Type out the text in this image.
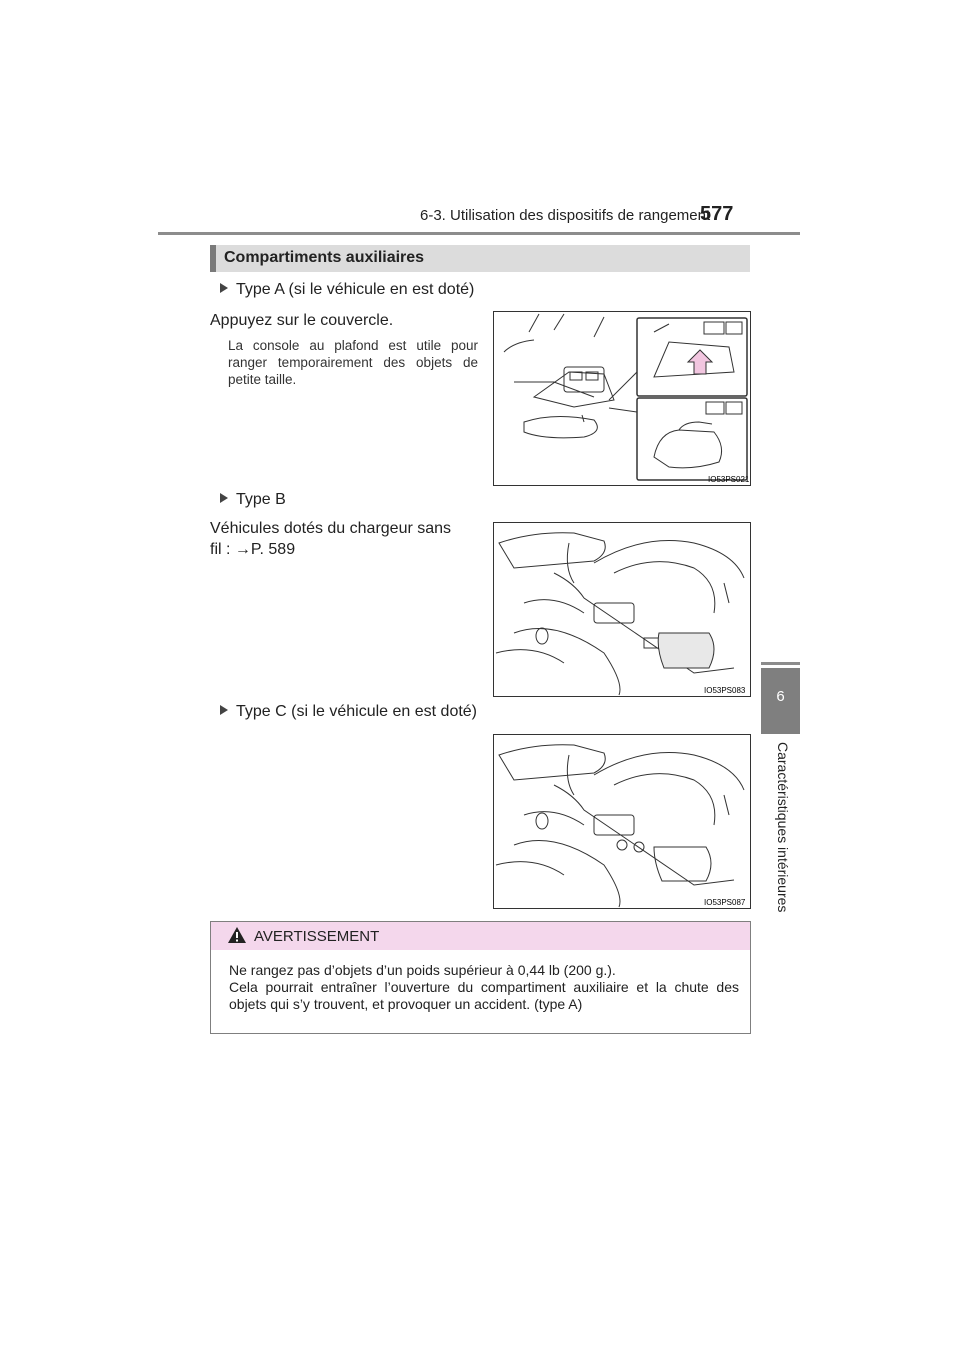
6-3. Utilisation des dispositifs de rangement
577
6
Caractéristiques intérieures
Compartiments auxiliaires
Type A (si le véhicule en est doté)
Appuyez sur le couvercle.
La console au plafond est utile pour ranger temporairement des objets de petite taille.
IO53PS021
Type B
Véhicules dotés du chargeur sans
fil : →P. 589
IO53PS083
Type C (si le véhicule en est doté)
IO53PS087
AVERTISSEMENT
Ne rangez pas d’objets d’un poids supérieur à 0,44 lb (200 g.).
Cela pourrait entraîner l’ouverture du compartiment auxiliaire et la chute des objets qui s’y trouvent, et provoquer un accident. (type A)
